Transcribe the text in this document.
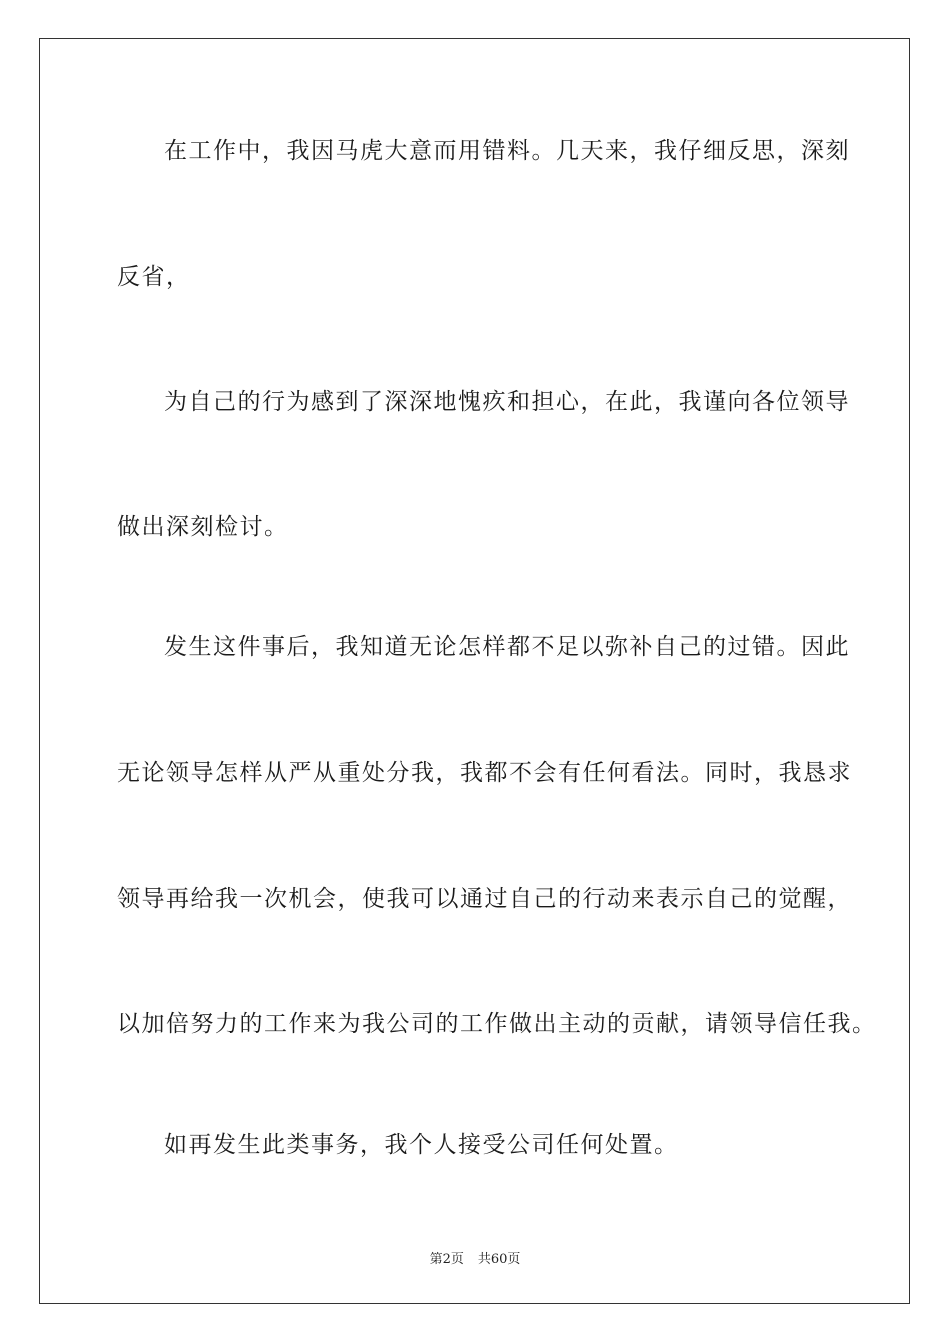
在工作中，我因马虎大意而用错料。几天来，我仔细反思，深刻
反省，
为自己的行为感到了深深地愧疚和担心，在此，我谨向各位领导
做出深刻检讨。
发生这件事后，我知道无论怎样都不足以弥补自己的过错。因此
无论领导怎样从严从重处分我，我都不会有任何看法。同时，我恳求
领导再给我一次机会，使我可以通过自己的行动来表示自己的觉醒，
以加倍努力的工作来为我公司的工作做出主动的贡献，请领导信任我。
如再发生此类事务，我个人接受公司任何处置。
第2页 共60页
